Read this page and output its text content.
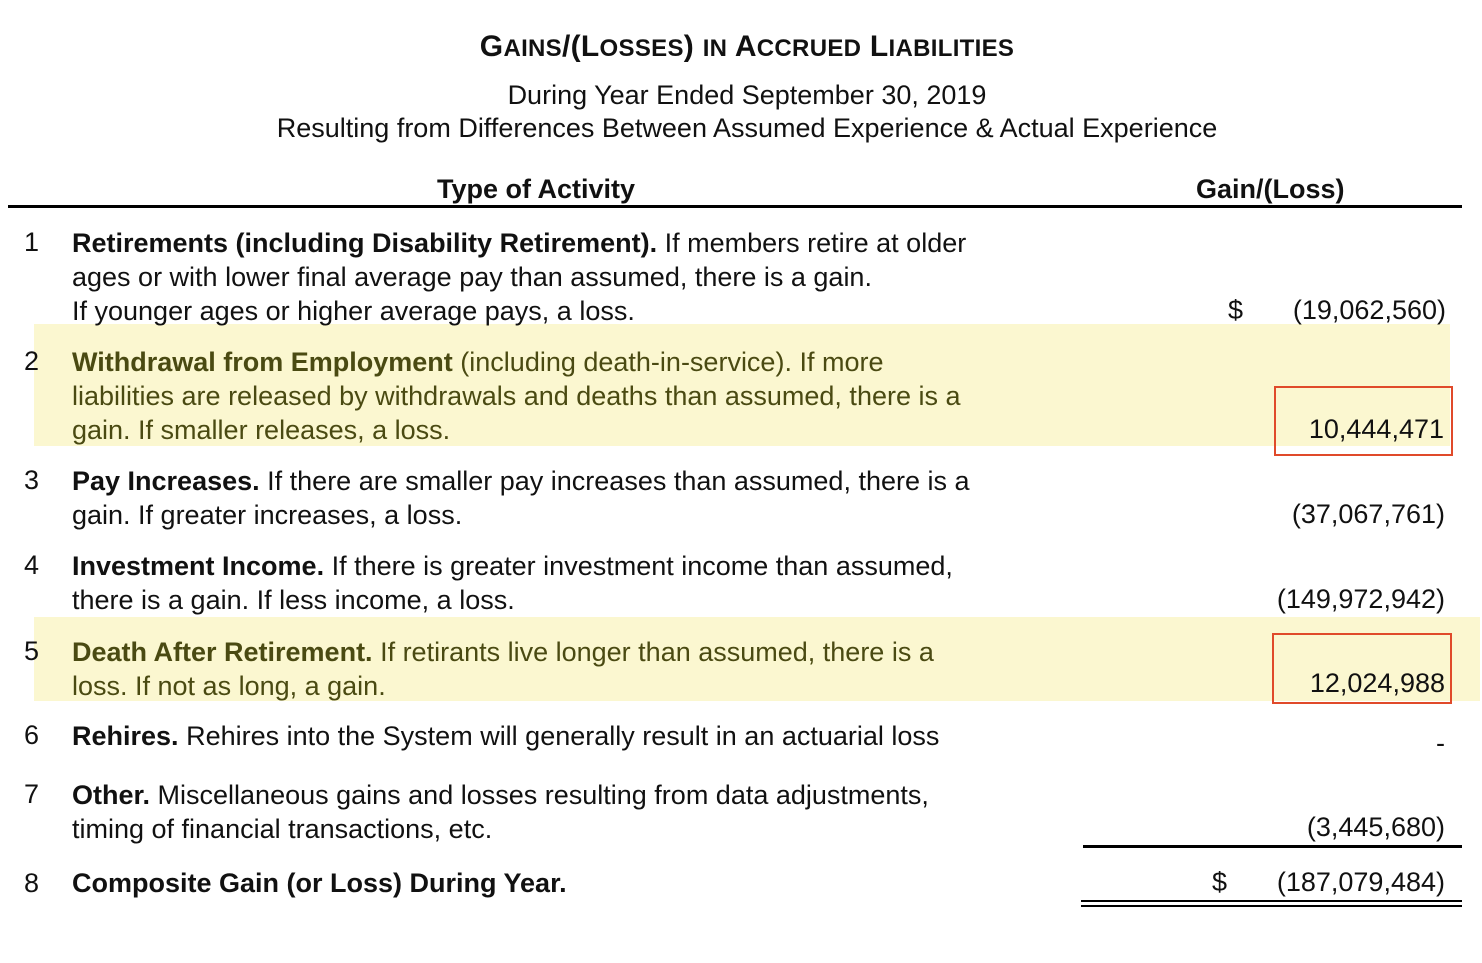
GAINS/(LOSSES) IN ACCRUED LIABILITIES
During Year Ended September 30, 2019
Resulting from Differences Between Assumed Experience & Actual Experience
Type of Activity	Gain/(Loss)
1	Retirements (including Disability Retirement). If members retire at older
ages or with lower final average pay than assumed, there is a gain.
If younger ages or higher average pays, a loss.	$	(19,062,560)
2	Withdrawal from Employment (including death-in-service). If more
liabilities are released by withdrawals and deaths than assumed, there is a
gain. If smaller releases, a loss.	10,444,471
3	Pay Increases. If there are smaller pay increases than assumed, there is a
gain. If greater increases, a loss.	(37,067,761)
4	Investment Income. If there is greater investment income than assumed,
there is a gain. If less income, a loss.	(149,972,942)
5	Death After Retirement. If retirants live longer than assumed, there is a
loss. If not as long, a gain.	12,024,988
6	Rehires. Rehires into the System will generally result in an actuarial loss	-
7	Other. Miscellaneous gains and losses resulting from data adjustments,
timing of financial transactions, etc.	(3,445,680)
8	Composite Gain (or Loss) During Year.	$	(187,079,484)
